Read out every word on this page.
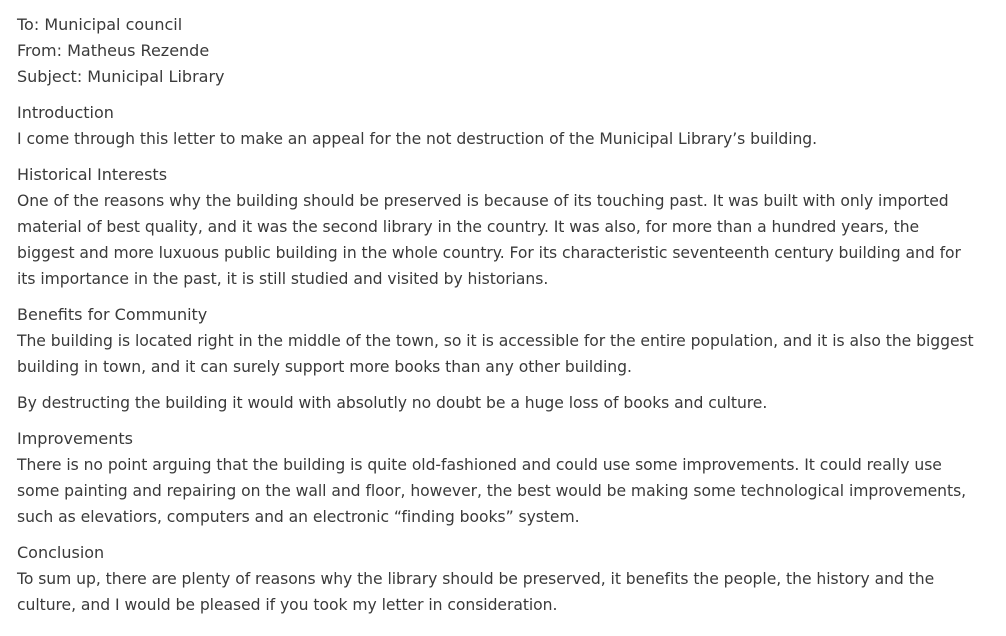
To: Municipal council

From: Matheus Rezende

Subject: Municipal Library

Introduction

I come through this letter to make an appeal for the not destruction of the Municipal Library’s building.

Historical Interests

One of the reasons why the building should be preserved is because of its touching past. It was built with only imported material of best quality, and it was the second library in the country. It was also, for more than a hundred years, the biggest and more luxuous public building in the whole country. For its characteristic seventeenth century building and for its importance in the past, it is still studied and visited by historians.

Benefits for Community

The building is located right in the middle of the town, so it is accessible for the entire population, and it is also the biggest building in town, and it can surely support more books than any other building.

By destructing the building it would with absolutly no doubt be a huge loss of books and culture.

Improvements

There is no point arguing that the building is quite old-fashioned and could use some improvements. It could really use some painting and repairing on the wall and floor, however, the best would be making some technological improvements, such as elevatiors, computers and an electronic “finding books” system.

Conclusion

To sum up, there are plenty of reasons why the library should be preserved, it benefits the people, the history and the culture, and I would be pleased if you took my letter in consideration.
